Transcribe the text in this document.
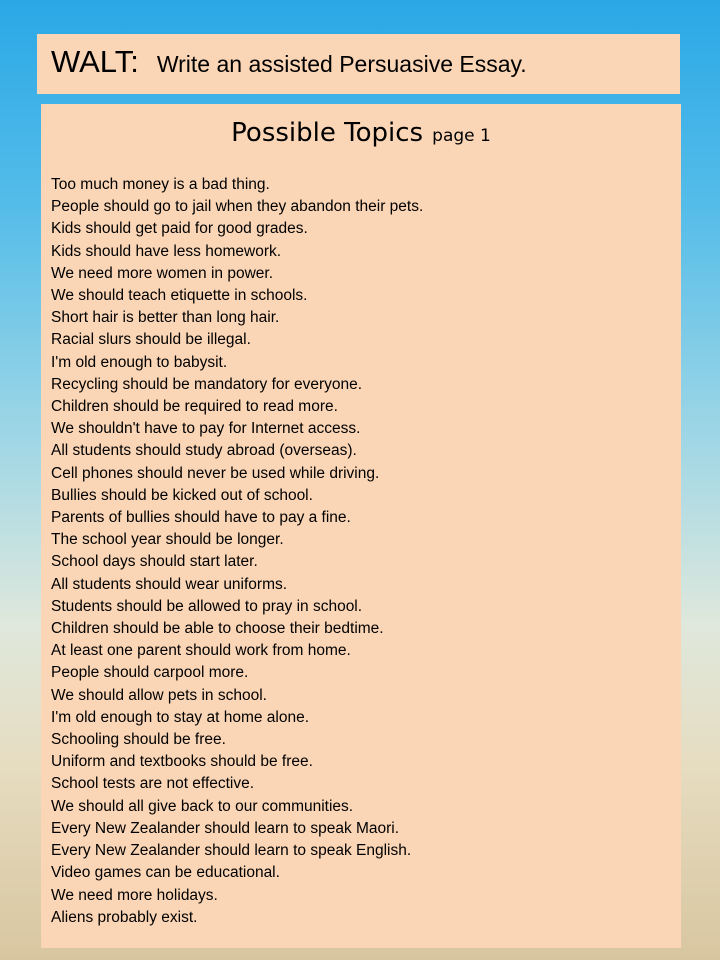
WALT: Write an assisted Persuasive Essay.
Possible Topics page 1
Too much money is a bad thing.
People should go to jail when they abandon their pets.
Kids should get paid for good grades.
Kids should have less homework.
We need more women in power.
We should teach etiquette in schools.
Short hair is better than long hair.
Racial slurs should be illegal.
I'm old enough to babysit.
Recycling should be mandatory for everyone.
Children should be required to read more.
We shouldn't have to pay for Internet access.
All students should study abroad (overseas).
Cell phones should never be used while driving.
Bullies should be kicked out of school.
Parents of bullies should have to pay a fine.
The school year should be longer.
School days should start later.
All students should wear uniforms.
Students should be allowed to pray in school.
Children should be able to choose their bedtime.
At least one parent should work from home.
People should carpool more.
We should allow pets in school.
I'm old enough to stay at home alone.
Schooling should be free.
Uniform and textbooks should be free.
School tests are not effective.
We should all give back to our communities.
Every New Zealander should learn to speak Maori.
Every New Zealander should learn to speak English.
Video games can be educational.
We need more holidays.
Aliens probably exist.
